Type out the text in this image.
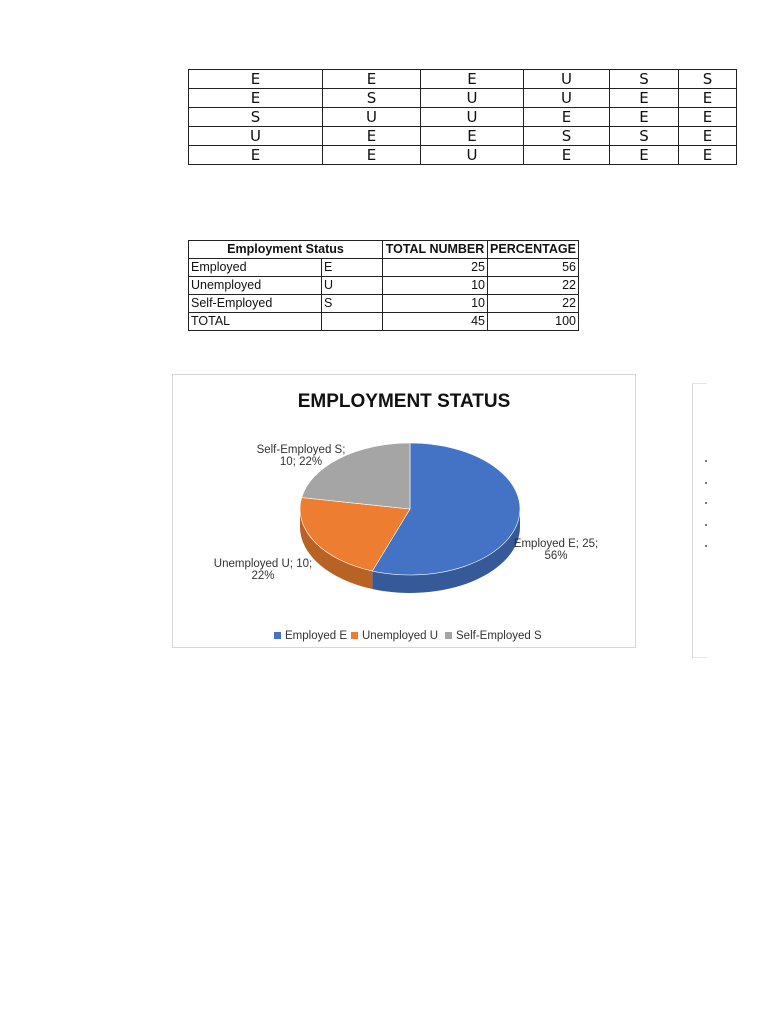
E	E	E	U	S	S
E	S	U	U	E	E
S	U	U	E	E	E
U	E	E	S	S	E
E	E	U	E	E	E
Employment Status		TOTAL NUMBER	PERCENTAGE
Employed	E	25	56
Unemployed	U	10	22
Self-Employed	S	10	22
TOTAL		45	100
EMPLOYMENT STATUS
Employed E; 25; 56%
Unemployed U; 10; 22%
Self-Employed S; 10; 22%
Employed E Unemployed U Self-Employed S
